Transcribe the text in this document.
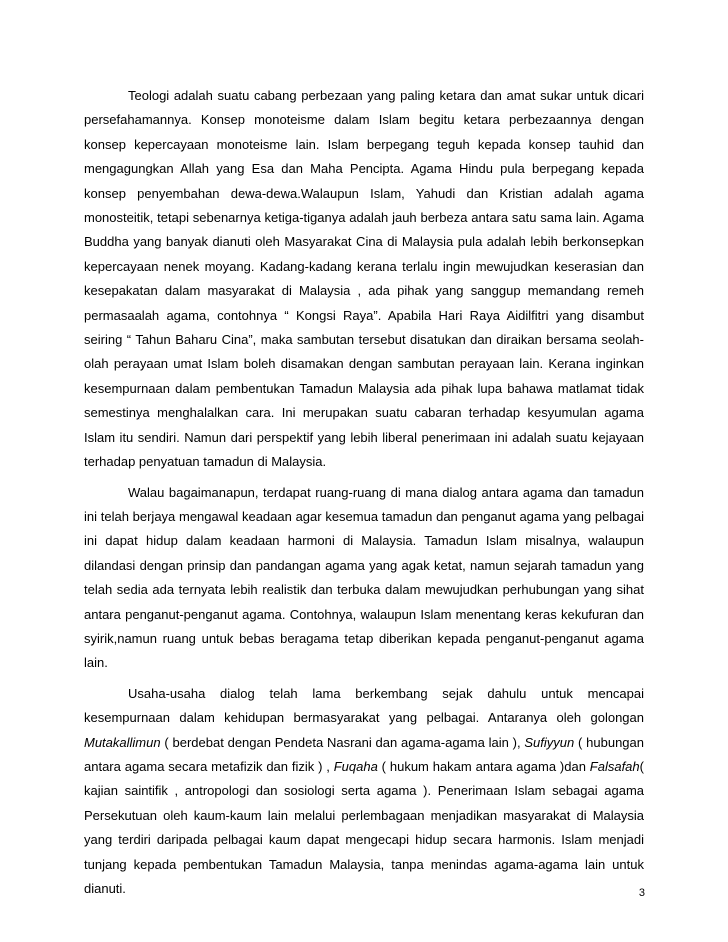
Teologi adalah suatu cabang perbezaan yang paling ketara dan amat sukar untuk dicari persefahamannya. Konsep monoteisme dalam Islam begitu ketara perbezaannya dengan konsep kepercayaan monoteisme lain. Islam berpegang teguh kepada konsep tauhid dan mengagungkan Allah yang Esa dan Maha Pencipta. Agama Hindu pula berpegang kepada konsep penyembahan dewa-dewa.Walaupun Islam, Yahudi dan Kristian adalah agama monosteitik, tetapi sebenarnya ketiga-tiganya adalah jauh berbeza antara satu sama lain. Agama Buddha yang banyak dianuti oleh Masyarakat Cina di Malaysia pula adalah lebih berkonsepkan kepercayaan nenek moyang. Kadang-kadang kerana terlalu ingin mewujudkan keserasian dan kesepakatan dalam masyarakat di Malaysia , ada pihak yang sanggup memandang remeh permasaalah agama, contohnya “ Kongsi Raya”. Apabila Hari Raya Aidilfitri yang disambut seiring “ Tahun Baharu Cina”, maka sambutan tersebut disatukan dan diraikan bersama seolah-olah perayaan umat Islam boleh disamakan dengan sambutan perayaan lain. Kerana inginkan kesempurnaan dalam pembentukan Tamadun Malaysia ada pihak lupa bahawa matlamat tidak semestinya menghalalkan cara. Ini merupakan suatu cabaran terhadap kesyumulan agama Islam itu sendiri. Namun dari perspektif yang lebih liberal penerimaan ini adalah suatu kejayaan terhadap penyatuan tamadun di Malaysia.

Walau bagaimanapun, terdapat ruang-ruang di mana dialog antara agama dan tamadun ini telah berjaya mengawal keadaan agar kesemua tamadun dan penganut agama yang pelbagai ini dapat hidup dalam keadaan harmoni di Malaysia. Tamadun Islam misalnya, walaupun dilandasi dengan prinsip dan pandangan agama yang agak ketat, namun sejarah tamadun yang telah sedia ada ternyata lebih realistik dan terbuka dalam mewujudkan perhubungan yang sihat antara penganut-penganut agama. Contohnya, walaupun Islam menentang keras kekufuran dan syirik,namun ruang untuk bebas beragama tetap diberikan kepada penganut-penganut agama lain.

Usaha-usaha dialog telah lama berkembang sejak dahulu untuk mencapai kesempurnaan dalam kehidupan bermasyarakat yang pelbagai. Antaranya oleh golongan Mutakallimun ( berdebat dengan Pendeta Nasrani dan agama-agama lain ), Sufiyyun ( hubungan antara agama secara metafizik dan fizik ) , Fuqaha ( hukum hakam antara agama )dan Falsafah( kajian saintifik , antropologi dan sosiologi serta agama ). Penerimaan Islam sebagai agama Persekutuan oleh kaum-kaum lain melalui perlembagaan menjadikan masyarakat di Malaysia yang terdiri daripada pelbagai kaum dapat mengecapi hidup secara harmonis. Islam menjadi tunjang kepada pembentukan Tamadun Malaysia, tanpa menindas agama-agama lain untuk dianuti.	3
